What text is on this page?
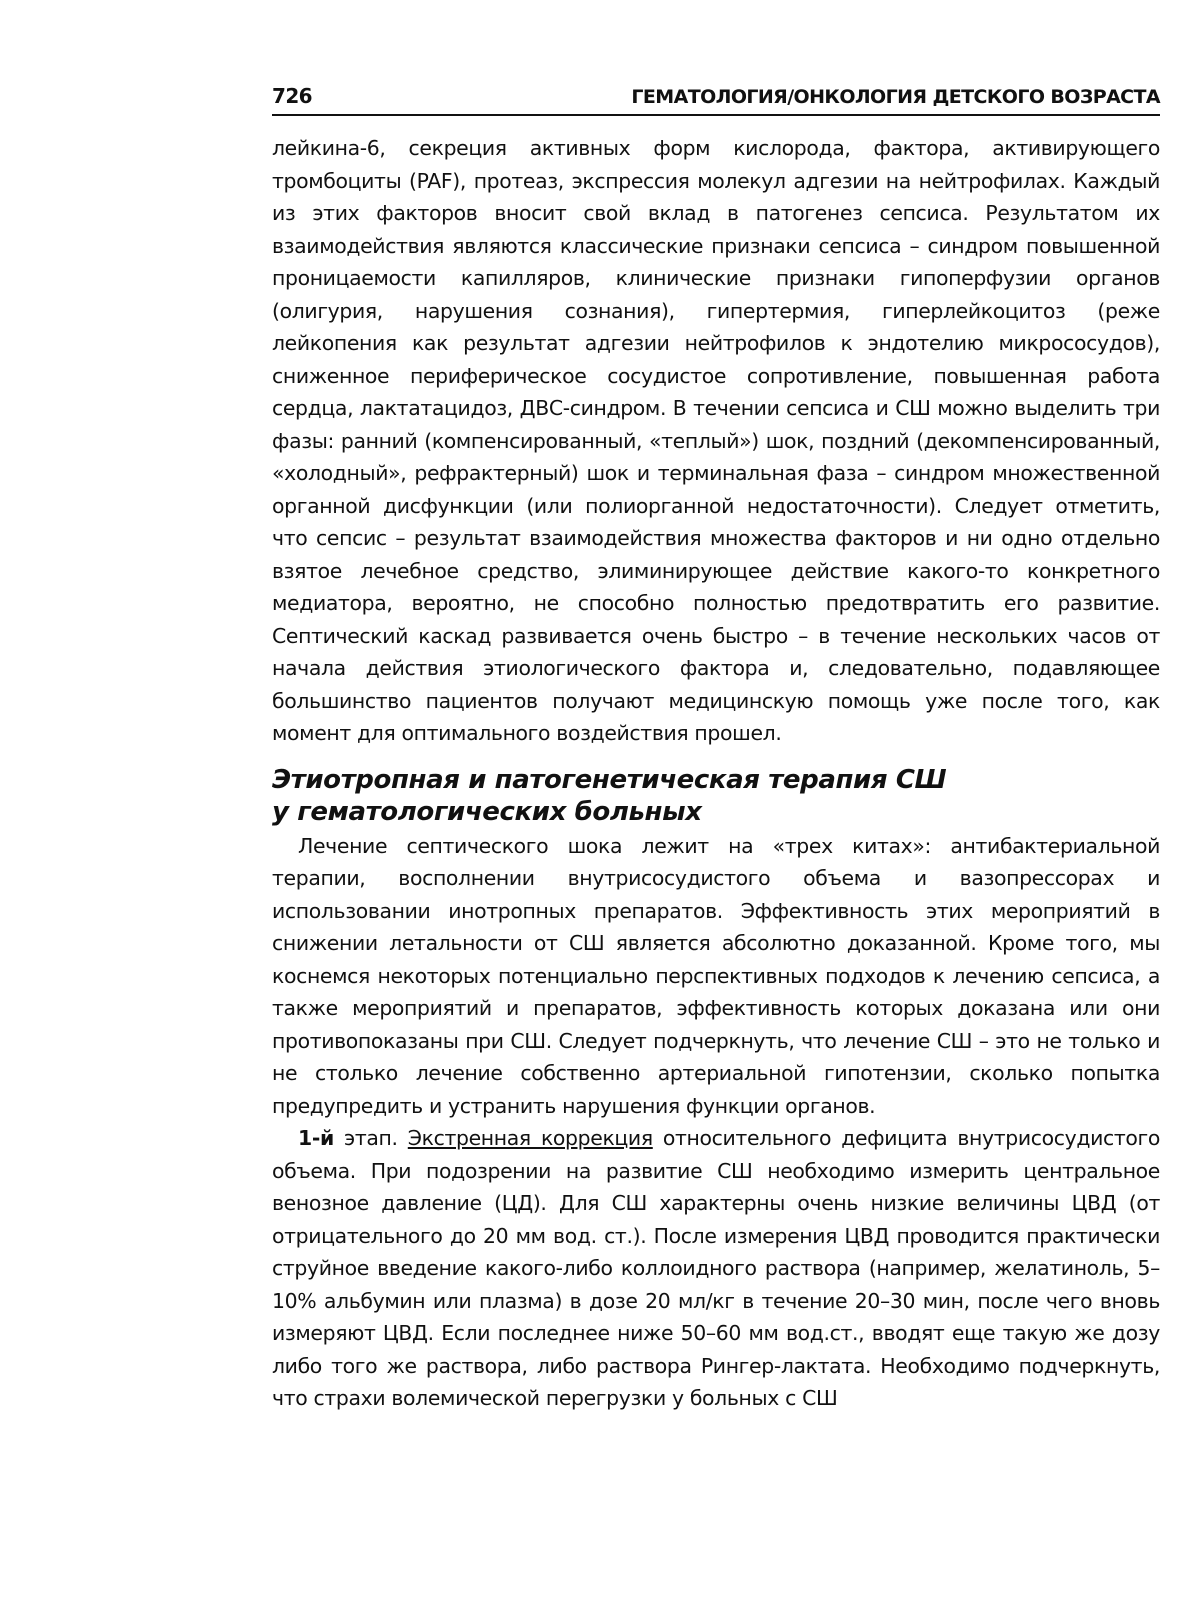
726	ГЕМАТОЛОГИЯ/ОНКОЛОГИЯ ДЕТСКОГО ВОЗРАСТА

лейкина-6, секреция активных форм кислорода, фактора, активирующего тромбоциты (PAF), протеаз, экспрессия молекул адгезии на нейтрофилах. Каждый из этих факторов вносит свой вклад в патогенез сепсиса. Результатом их взаимодействия являются классические признаки сепсиса – синдром повышенной проницаемости капилляров, клинические признаки гипоперфузии органов (олигурия, нарушения сознания), гипертермия, гиперлейкоцитоз (реже лейкопения как результат адгезии нейтрофилов к эндотелию микрососудов), сниженное периферическое сосудистое сопротивление, повышенная работа сердца, лактатацидоз, ДВС-синдром. В течении сепсиса и СШ можно выделить три фазы: ранний (компенсированный, «теплый») шок, поздний (декомпенсированный, «холодный», рефрактерный) шок и терминальная фаза – синдром множественной органной дисфункции (или полиорганной недостаточности). Следует отметить, что сепсис – результат взаимодействия множества факторов и ни одно отдельно взятое лечебное средство, элиминирующее действие какого-то конкретного медиатора, вероятно, не способно полностью предотвратить его развитие. Септический каскад развивается очень быстро – в течение нескольких часов от начала действия этиологического фактора и, следовательно, подавляющее большинство пациентов получают медицинскую помощь уже после того, как момент для оптимального воздействия прошел.

Этиотропная и патогенетическая терапия СШ
у гематологических больных

Лечение септического шока лежит на «трех китах»: антибактериальной терапии, восполнении внутрисосудистого объема и вазопрессорах и использовании инотропных препаратов. Эффективность этих мероприятий в снижении летальности от СШ является абсолютно доказанной. Кроме того, мы коснемся некоторых потенциально перспективных подходов к лечению сепсиса, а также мероприятий и препаратов, эффективность которых доказана или они противопоказаны при СШ. Следует подчеркнуть, что лечение СШ – это не только и не столько лечение собственно артериальной гипотензии, сколько попытка предупредить и устранить нарушения функции органов.

1-й этап. Экстренная коррекция относительного дефицита внутрисосудистого объема. При подозрении на развитие СШ необходимо измерить центральное венозное давление (ЦД). Для СШ характерны очень низкие величины ЦВД (от отрицательного до 20 мм вод. ст.). После измерения ЦВД проводится практически струйное введение какого-либо коллоидного раствора (например, желатиноль, 5–10% альбумин или плазма) в дозе 20 мл/кг в течение 20–30 мин, после чего вновь измеряют ЦВД. Если последнее ниже 50–60 мм вод.ст., вводят еще такую же дозу либо того же раствора, либо раствора Рингер-лактата. Необходимо подчеркнуть, что страхи волемической перегрузки у больных с СШ
